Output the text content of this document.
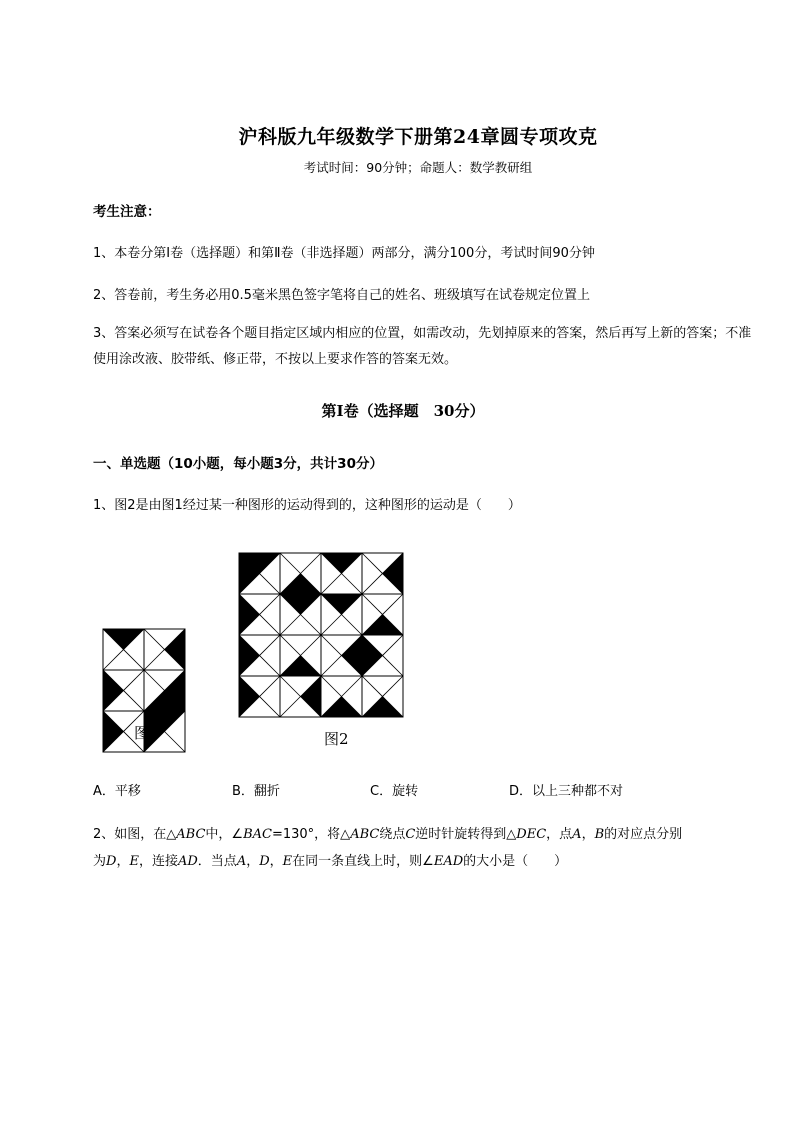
沪科版九年级数学下册第24章圆专项攻克
考试时间：90分钟；命题人：数学教研组
考生注意：
1、本卷分第I卷（选择题）和第Ⅱ卷（非选择题）两部分，满分100分，考试时间90分钟
2、答卷前，考生务必用0.5毫米黑色签字笔将自己的姓名、班级填写在试卷规定位置上
3、答案必须写在试卷各个题目指定区域内相应的位置，如需改动，先划掉原来的答案，然后再写上新的答案；不准使用涂改液、胶带纸、修正带，不按以上要求作答的答案无效。
第I卷（选择题　30分）
一、单选题（10小题，每小题3分，共计30分）
1、图2是由图1经过某一种图形的运动得到的，这种图形的运动是（　　）
图1	图2
A．平移	B．翻折	C．旋转	D．以上三种都不对
2、如图，在△ABC中，∠BAC=130°，将△ABC绕点C逆时针旋转得到△DEC，点A，B的对应点分别
为D，E，连接AD．当点A，D，E在同一条直线上时，则∠EAD的大小是（　　）
